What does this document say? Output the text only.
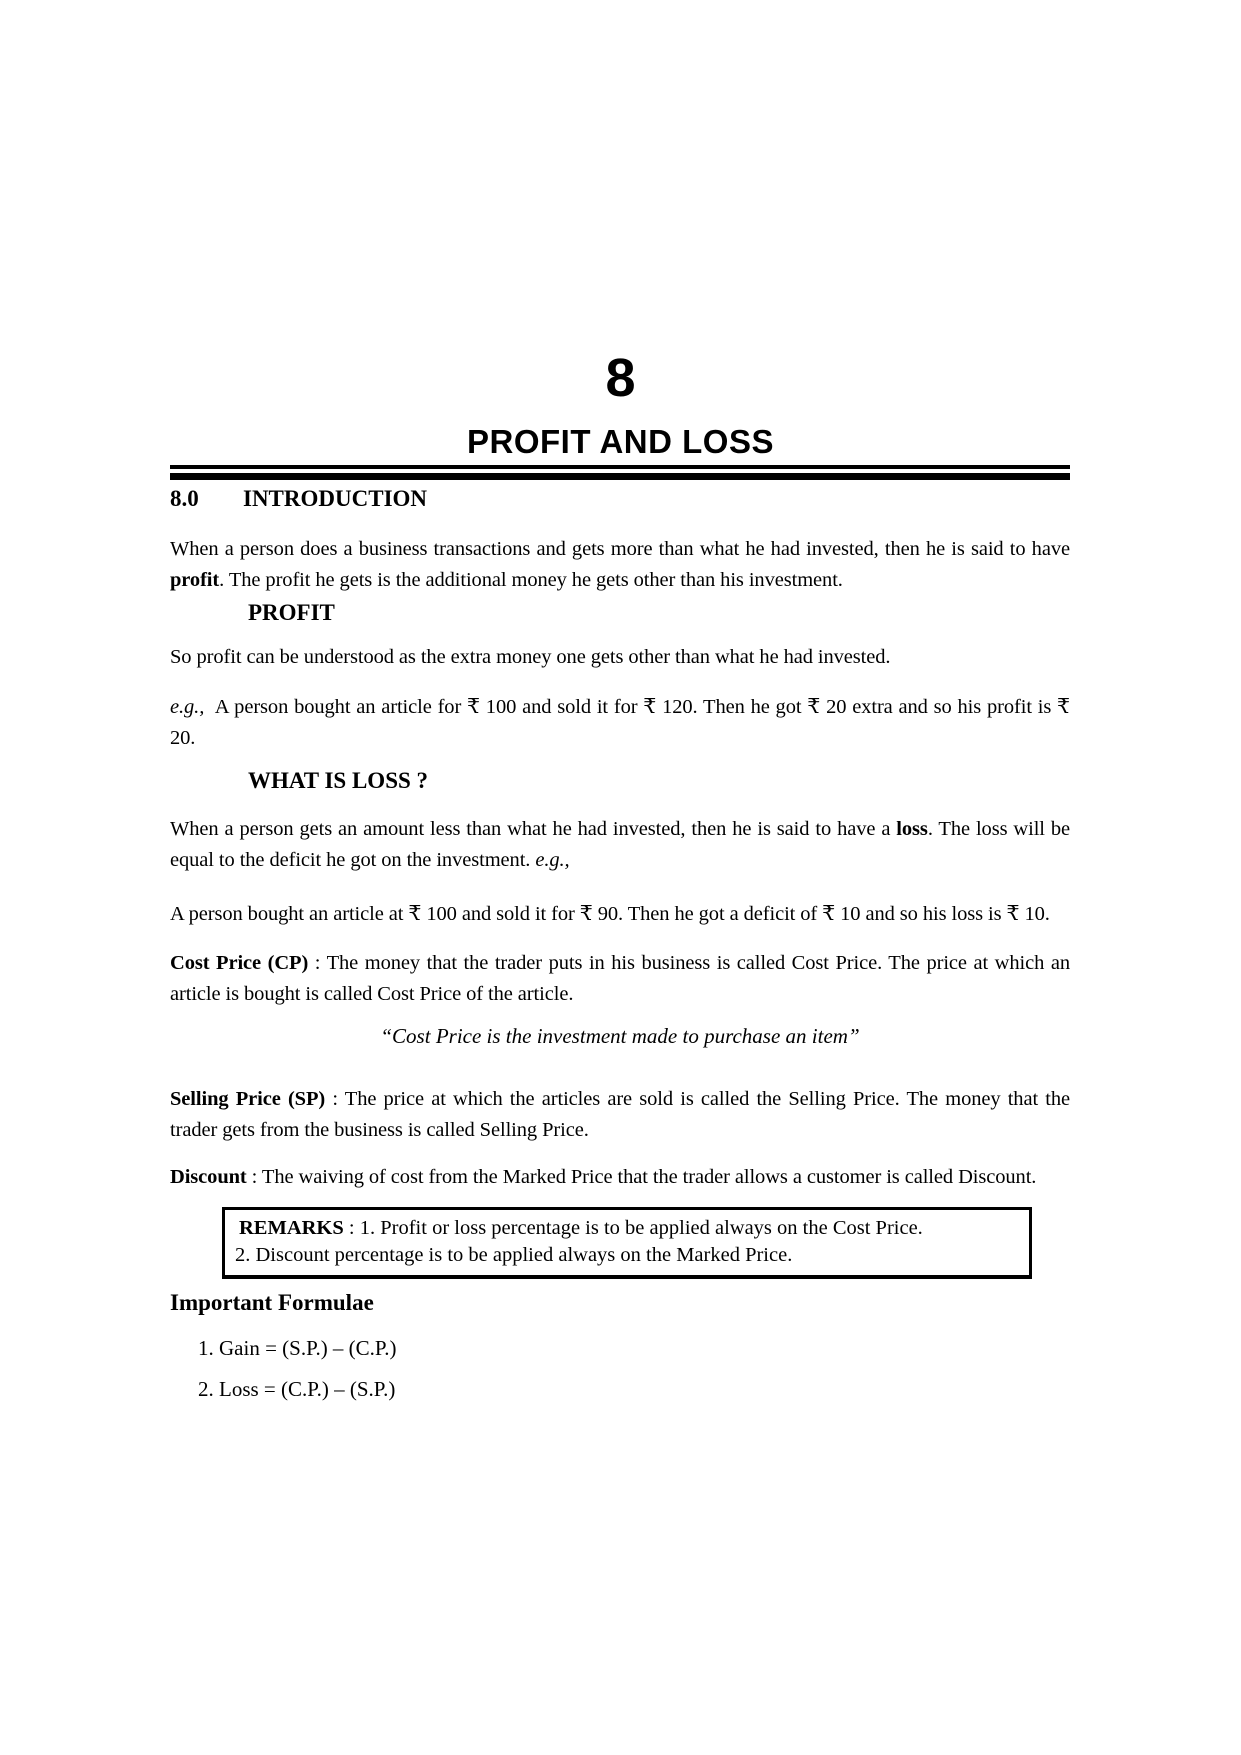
8
PROFIT AND LOSS
8.0 INTRODUCTION
When a person does a business transactions and gets more than what he had invested, then he is said to have profit. The profit he gets is the additional money he gets other than his investment.
PROFIT
So profit can be understood as the extra money one gets other than what he had invested.
e.g.,  A person bought an article for ₹ 100 and sold it for ₹ 120. Then he got ₹ 20 extra and so his profit is ₹ 20.
WHAT IS LOSS ?
When a person gets an amount less than what he had invested, then he is said to have a loss. The loss will be equal to the deficit he got on the investment. e.g.,
A person bought an article at ₹ 100 and sold it for ₹ 90. Then he got a deficit of ₹ 10 and so his loss is ₹ 10.
Cost Price (CP) : The money that the trader puts in his business is called Cost Price. The price at which an article is bought is called Cost Price of the article.
“Cost Price is the investment made to purchase an item”
Selling Price (SP) : The price at which the articles are sold is called the Selling Price. The money that the trader gets from the business is called Selling Price.
Discount : The waiving of cost from the Marked Price that the trader allows a customer is called Discount.
REMARKS : 1. Profit or loss percentage is to be applied always on the Cost Price.
2. Discount percentage is to be applied always on the Marked Price.
Important Formulae
1. Gain = (S.P.) – (C.P.)
2. Loss = (C.P.) – (S.P.)
